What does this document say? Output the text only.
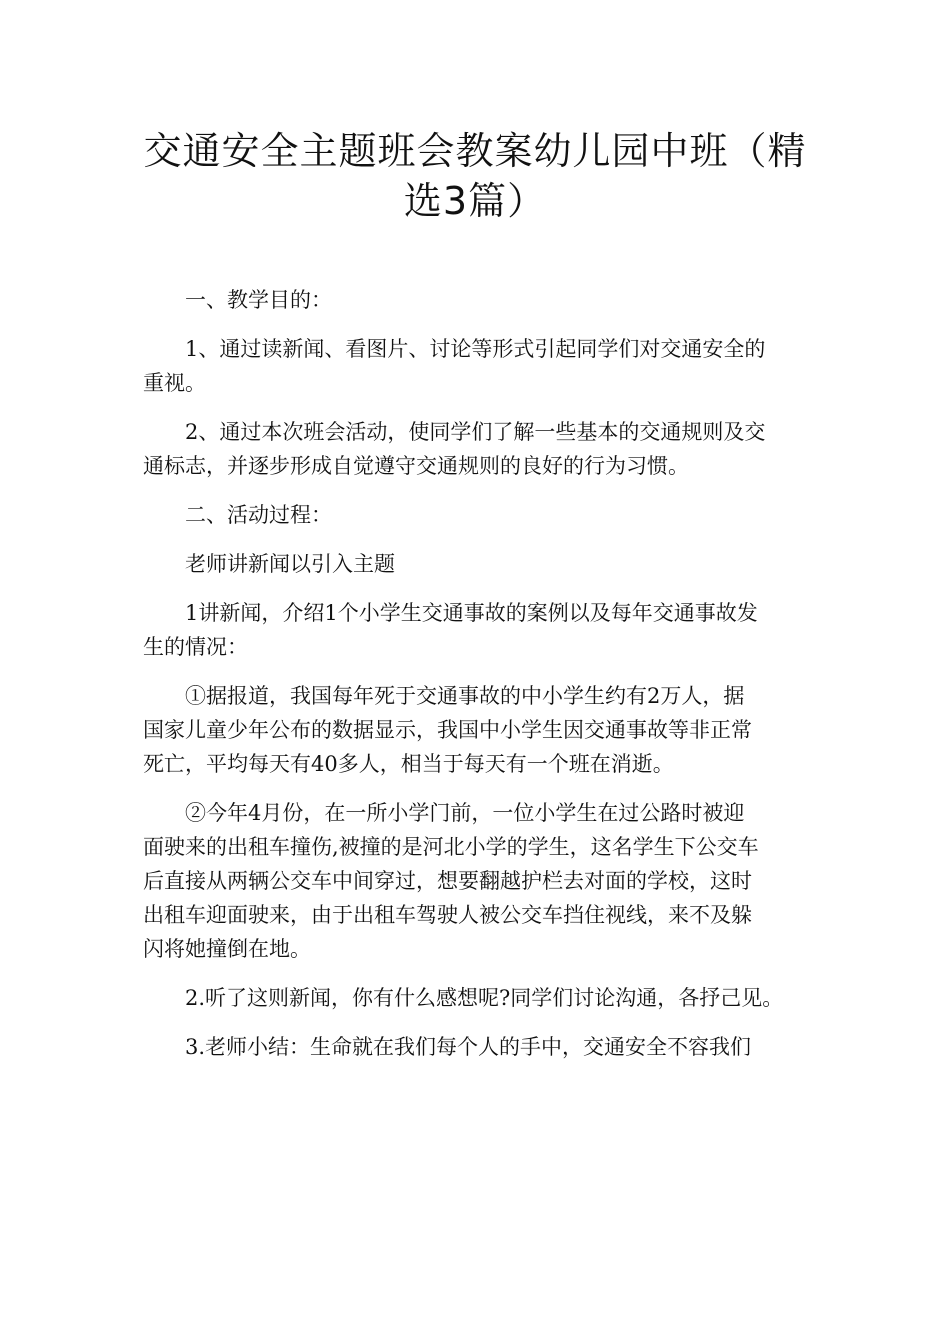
交通安全主题班会教案幼儿园中班（精
选3篇）

一、教学目的：

1、通过读新闻、看图片、讨论等形式引起同学们对交通安全的
重视。

2、通过本次班会活动，使同学们了解一些基本的交通规则及交
通标志，并逐步形成自觉遵守交通规则的良好的行为习惯。

二、活动过程：

老师讲新闻以引入主题

1讲新闻，介绍1个小学生交通事故的案例以及每年交通事故发
生的情况：

①据报道，我国每年死于交通事故的中小学生约有2万人，据
国家儿童少年公布的数据显示，我国中小学生因交通事故等非正常
死亡，平均每天有40多人，相当于每天有一个班在消逝。

②今年4月份，在一所小学门前，一位小学生在过公路时被迎
面驶来的出租车撞伤,被撞的是河北小学的学生，这名学生下公交车
后直接从两辆公交车中间穿过，想要翻越护栏去对面的学校，这时
出租车迎面驶来，由于出租车驾驶人被公交车挡住视线，来不及躲
闪将她撞倒在地。

2.听了这则新闻，你有什么感想呢?同学们讨论沟通，各抒己见。

3.老师小结：生命就在我们每个人的手中，交通安全不容我们
